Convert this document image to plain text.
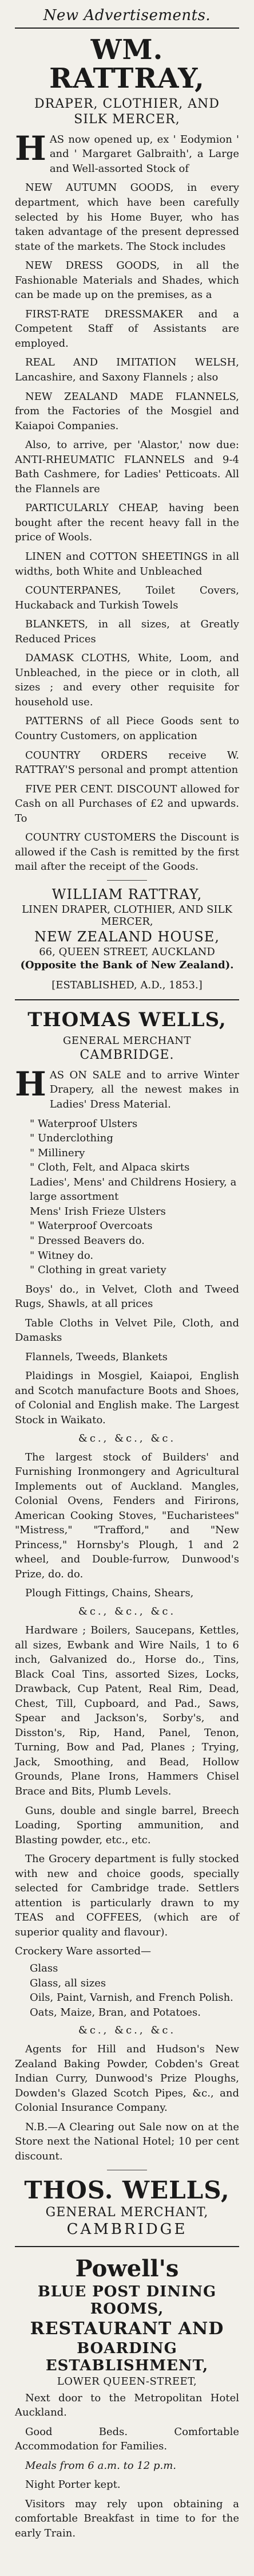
New Advertisements.
WM. RATTRAY,
DRAPER, CLOTHIER, AND
SILK MERCER,

HAS now opened up, ex ' Eodymion ' and ' Margaret Galbraith', a Large and Well-assorted Stock of

NEW AUTUMN GOODS, in every department, which have been carefully selected by his Home Buyer, who has taken advantage of the present depressed state of the markets. The Stock includes

NEW DRESS GOODS, in all the Fashionable Materials and Shades, which can be made up on the premises, as a

FIRST-RATE DRESSMAKER and a Competent Staff of Assistants are employed.

REAL AND IMITATION WELSH, Lancashire, and Saxony Flannels ; also

NEW ZEALAND MADE FLANNELS, from the Factories of the Mosgiel and Kaiapoi Companies.

Also, to arrive, per 'Alastor,' now due: ANTI-RHEUMATIC FLANNELS and 9-4 Bath Cashmere, for Ladies' Petticoats. All the Flannels are

PARTICULARLY CHEAP, having been bought after the recent heavy fall in the price of Wools.

LINEN and COTTON SHEETINGS in all widths, both White and Unbleached

COUNTERPANES, Toilet Covers, Huckaback and Turkish Towels

BLANKETS, in all sizes, at Greatly Reduced Prices

DAMASK CLOTHS, White, Loom, and Unbleached, in the piece or in cloth, all sizes ; and every other requisite for household use.

PATTERNS of all Piece Goods sent to Country Customers, on application

COUNTRY ORDERS receive W. RATTRAY'S personal and prompt attention

FIVE PER CENT. DISCOUNT allowed for Cash on all Purchases of £2 and upwards. To

COUNTRY CUSTOMERS the Discount is allowed if the Cash is remitted by the first mail after the receipt of the Goods.

WILLIAM RATTRAY,
LINEN DRAPER, CLOTHIER, AND SILK MERCER,
NEW ZEALAND HOUSE,
66, QUEEN STREET, AUCKLAND
(Opposite the Bank of New Zealand).
[ESTABLISHED, A.D., 1853.]
THOMAS WELLS,
GENERAL MERCHANT
CAMBRIDGE.

HAS ON SALE and to arrive Winter Drapery, all the newest makes in Ladies' Dress Material.

" Waterproof Ulsters
" Underclothing
" Millinery
" Cloth, Felt, and Alpaca skirts
Ladies', Mens' and Childrens Hosiery, a large assortment
Mens' Irish Frieze Ulsters
" Waterproof Overcoats
" Dressed Beavers do.
" Witney do.
" Clothing in great variety

Boys' do., in Velvet, Cloth and Tweed Rugs, Shawls, at all prices

Table Cloths in Velvet Pile, Cloth, and Damasks

Flannels, Tweeds, Blankets

Plaidings in Mosgiel, Kaiapoi, English and Scotch manufacture Boots and Shoes, of Colonial and English make. The Largest Stock in Waikato.

&c., &c., &c.

The largest stock of Builders' and Furnishing Ironmongery and Agricultural Implements out of Auckland. Mangles, Colonial Ovens, Fenders and Firirons, American Cooking Stoves, "Eucharistees" "Mistress," "Trafford," and "New Princess," Hornsby's Plough, 1 and 2 wheel, and Double-furrow, Dunwood's Prize, do. do.

Plough Fittings, Chains, Shears,

&c., &c., &c.

Hardware ; Boilers, Saucepans, Kettles, all sizes, Ewbank and Wire Nails, 1 to 6 inch, Galvanized do., Horse do., Tins, Black Coal Tins, assorted Sizes, Locks, Drawback, Cup Patent, Real Rim, Dead, Chest, Till, Cupboard, and Pad., Saws, Spear and Jackson's, Sorby's, and Disston's, Rip, Hand, Panel, Tenon, Turning, Bow and Pad, Planes ; Trying, Jack, Smoothing, and Bead, Hollow Grounds, Plane Irons, Hammers Chisel Brace and Bits, Plumb Levels.

Guns, double and single barrel, Breech Loading, Sporting ammunition, and Blasting powder, etc., etc.

The Grocery department is fully stocked with new and choice goods, specially selected for Cambridge trade. Settlers attention is particularly drawn to my TEAS and COFFEES, (which are of superior quality and flavour).

Crockery Ware assorted—

Glass
Glass, all sizes
Oils, Paint, Varnish, and French Polish.
Oats, Maize, Bran, and Potatoes.
&c., &c., &c.

Agents for Hill and Hudson's New Zealand Baking Powder, Cobden's Great Indian Curry, Dunwood's Prize Ploughs, Dowden's Glazed Scotch Pipes, &c., and Colonial Insurance Company.

N.B.—A Clearing out Sale now on at the Store next the National Hotel; 10 per cent discount.

THOS. WELLS,
GENERAL MERCHANT,
CAMBRIDGE
Powell's
BLUE POST DINING ROOMS,
RESTAURANT AND
BOARDING ESTABLISHMENT,
LOWER QUEEN-STREET,

Next door to the Metropolitan Hotel Auckland.

Good Beds. Comfortable Accommodation for Families.

Meals from 6 a.m. to 12 p.m.

Night Porter kept.

Visitors may rely upon obtaining a comfortable Breakfast in time to for the early Train.
